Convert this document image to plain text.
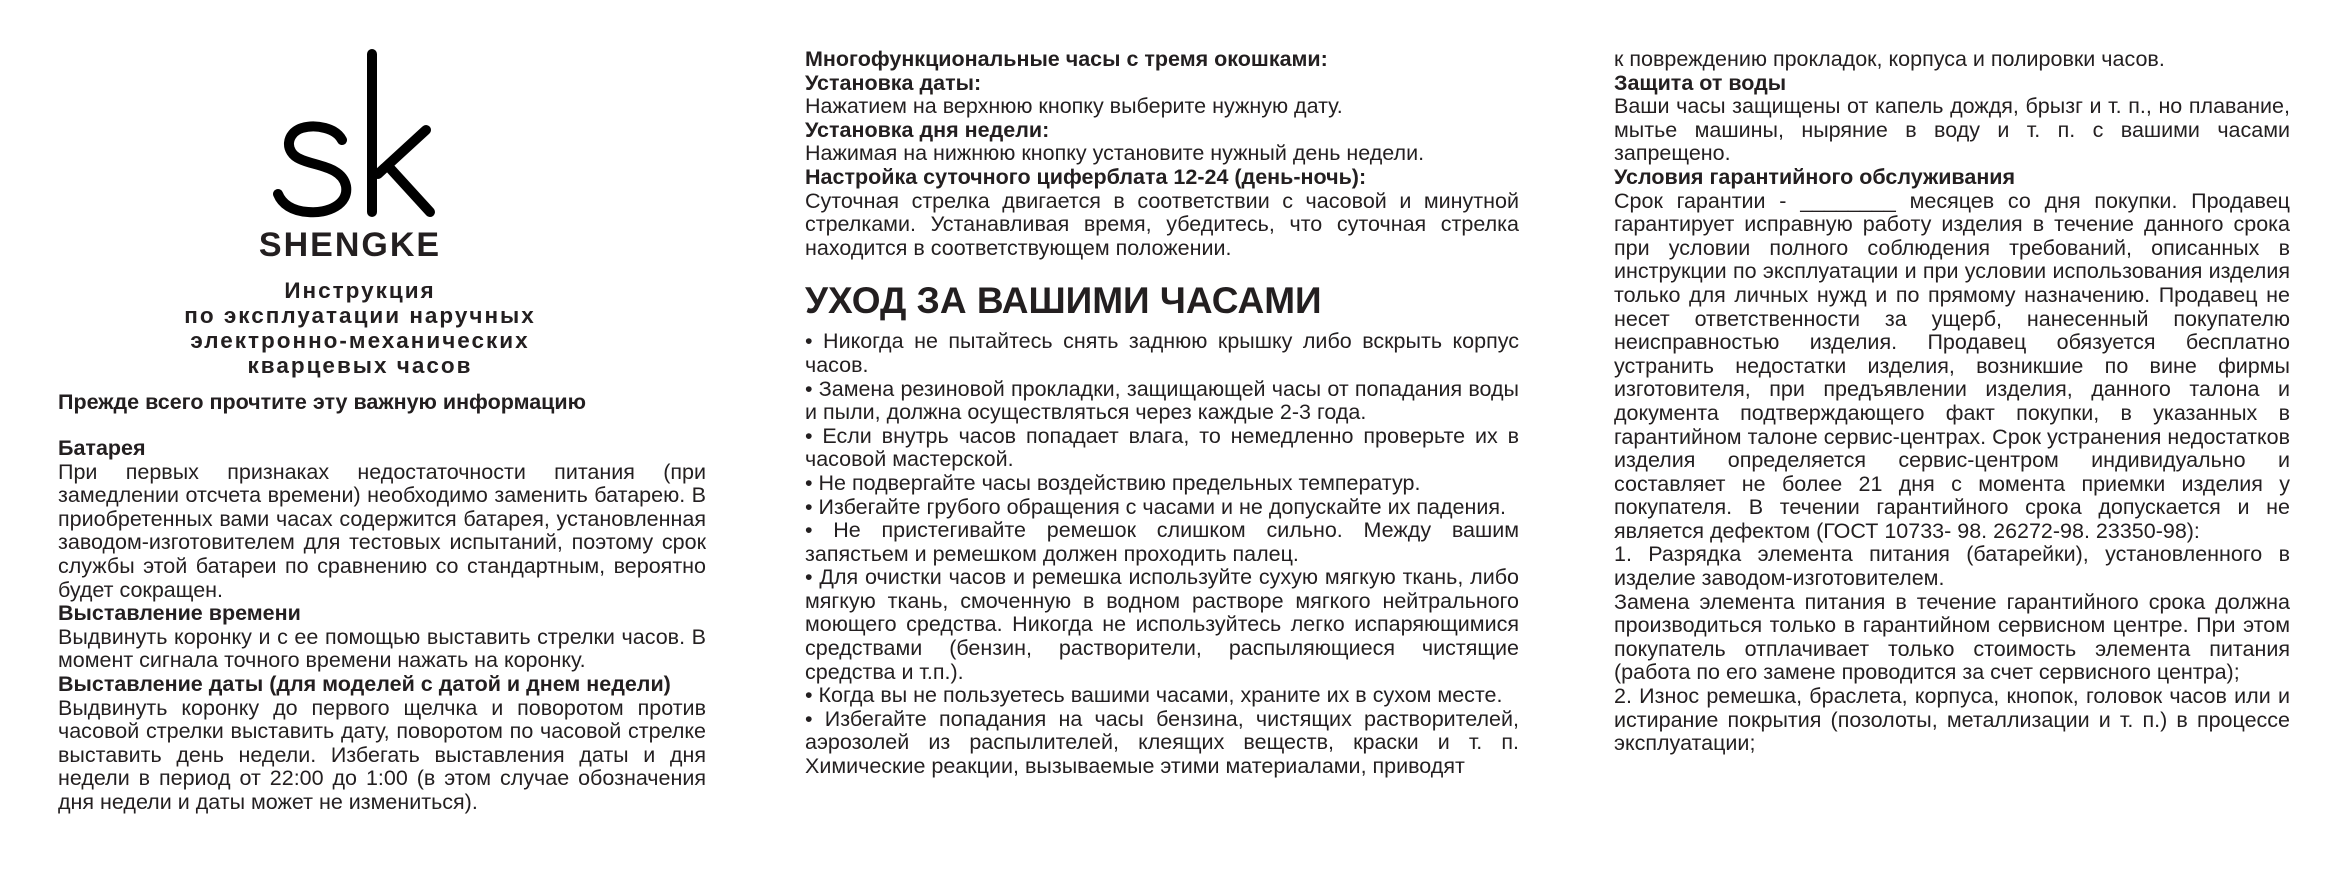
SHENGKE
Инструкция
по эксплуатации наручных
электронно-механических
кварцевых часов
Прежде всего прочтите эту важную информацию

Батарея

При первых признаках недостаточности питания (при замедлении отсчета времени) необходимо заменить батарею. В приобретенных вами часах содержится батарея, установленная заводом-изготовителем для тестовых испытаний, поэтому срок службы этой батареи по сравнению со стандартным, вероятно будет сокращен.

Выставление времени

Выдвинуть коронку и с ее помощью выставить стрелки часов. В момент сигнала точного времени нажать на коронку.

Выставление даты (для моделей с датой и днем недели)

Выдвинуть коронку до первого щелчка и поворотом против часовой стрелки выставить дату, поворотом по часовой стрелке выставить день недели. Избегать выставления даты и дня недели в период от 22:00 до 1:00 (в этом случае обозначения дня недели и даты может не измениться).

Многофункциональные часы с тремя окошками:

Установка даты:

Нажатием на верхнюю кнопку выберите нужную дату.

Установка дня недели:

Нажимая на нижнюю кнопку установите нужный день недели.

Настройка суточного циферблата 12-24 (день-ночь):

Суточная стрелка двигается в соответствии с часовой и минутной стрелками. Устанавливая время, убедитесь, что суточная стрелка находится в соответствующем положении.

УХОД ЗА ВАШИМИ ЧАСАМИ

• Никогда не пытайтесь снять заднюю крышку либо вскрыть корпус часов.

• Замена резиновой прокладки, защищающей часы от попадания воды и пыли, должна осуществляться через каждые 2-3 года.

• Если внутрь часов попадает влага, то немедленно проверьте их в часовой мастерской.

• Не подвергайте часы воздействию предельных температур.

• Избегайте грубого обращения с часами и не допускайте их падения.

• Не пристегивайте ремешок слишком сильно. Между вашим запястьем и ремешком должен проходить палец.

• Для очистки часов и ремешка используйте сухую мягкую ткань, либо мягкую ткань, смоченную в водном растворе мягкого нейтрального моющего средства. Никогда не используйтесь легко испаряющимися средствами (бензин, растворители, распыляющиеся чистящие средства и т.п.).

• Когда вы не пользуетесь вашими часами, храните их в сухом месте.

• Избегайте попадания на часы бензина, чистящих растворителей, аэрозолей из распылителей, клеящих веществ, краски и т. п. Химические реакции, вызываемые этими материалами, приводят

к повреждению прокладок, корпуса и полировки часов.

Защита от воды

Ваши часы защищены от капель дождя, брызг и т. п., но плавание, мытье машины, ныряние в воду и т. п. с вашими часами запрещено.

Условия гарантийного обслуживания

Срок гарантии - ________ месяцев со дня покупки. Продавец гарантирует исправную работу изделия в течение данного срока при условии полного соблюдения требований, описанных в инструкции по эксплуатации и при условии использования изделия только для личных нужд и по прямому назначению. Продавец не несет ответственности за ущерб, нанесенный покупателю неисправностью изделия. Продавец обязуется бесплатно устранить недостатки изделия, возникшие по вине фирмы изготовителя, при предъявлении изделия, данного талона и документа подтверждающего факт покупки, в указанных в гарантийном талоне сервис-центрах. Срок устранения недостатков изделия определяется сервис-центром индивидуально и составляет не более 21 дня с момента приемки изделия у покупателя. В течении гарантийного срока допускается и не является дефектом (ГОСТ 10733- 98. 26272-98. 23350-98):

1. Разрядка элемента питания (батарейки), установленного в изделие заводом-изготовителем.

Замена элемента питания в течение гарантийного срока должна производиться только в гарантийном сервисном центре. При этом покупатель отплачивает только стоимость элемента питания (работа по его замене проводится за счет сервисного центра);

2. Износ ремешка, браслета, корпуса, кнопок, головок часов или и истирание покрытия (позолоты, металлизации и т. п.) в процессе эксплуатации;
